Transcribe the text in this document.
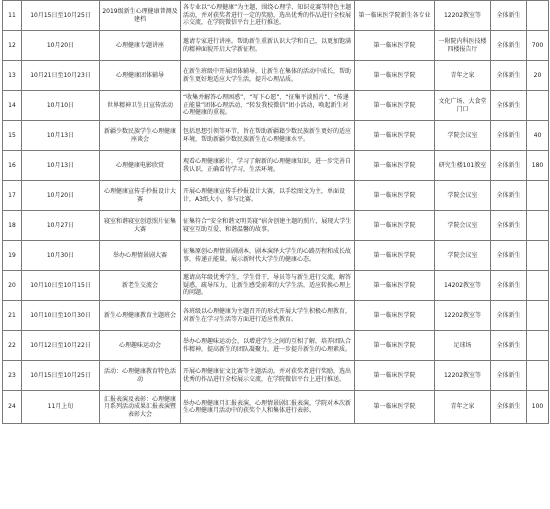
11	10月15日至10月25日	2019级新生心理健康普测及建档	各专业以“心理健康”为主题，围绕心理学、知识竞赛等特色主题活动，并对获奖者进行一定的奖励，选出优秀的作品进行全校展示交流，在学院微信平台上进行推送。	第一临床医学院新生各专业	12202教室等	全体新生	
12	10月20日	心理健康专题讲座	邀请专家进行讲座，帮助新生重新认识大学和自己，以更加饱满的精神面貌开启大学新征程。	第一临床医学院	一附院内科医技楼四楼报告厅	全体新生	700
13	10月21日至10月23日	心理健康团体辅导	在新生班级中开展团体辅导，让新生在集体的活动中成长，帮助新生更好地适应大学生活，提升心理品质。	第一临床医学院	青年之家	全体新生	20
14	10月10日	世界精神卫生日宣传活动	“收集并解答心理困惑”、“写下心愿”、“征集平淡照片”、“传递正能量”团体心理活动、“转发我校微信”团小活动，唤起新生对心理健康的重视。	第一临床医学院	文化广场、大食堂门口	全体新生	
15	10月13日	新疆少数民族学生心理健康座谈会	包括思想引领等环节，旨在帮助新疆籍少数民族新生更好的适应环境，帮助新疆少数民族新生在心理健康水平。	第一临床医学院	学院会议室	全体新生	40
16	10月13日	心理健康电影欣赏	观看心理健康影片，学习了解新的心理健康知识，进一步完善自我认识，正确看待学习，生活环境。	第一临床医学院	研究生楼101教室	全体新生	180
17	10月20日	心理健康宣传手抄报设计大赛	开展心理健康宣传手抄报设计大赛，以手绘图文为主，单面设计，A3纸大小，参与比赛。	第一临床医学院	学院会议室	全体新生	
18	10月27日	寝室和谐寝室创意照片征集大赛	征集符合“安全和谐文明美寝”宿舍创建主题的照片，展现大学生寝室互助互爱、和谐温馨的故事。	第一临床医学院	学院会议室	全体新生	
19	10月30日	举办心理情景剧大赛	征集原创心理情景剧剧本，剧本演绎大学生的心路历程和成长故事，传递正能量，展示新时代大学生的健康心态。	第一临床医学院	学院会议室	全体新生	
20	10月10日至10月15日	新老生交流会	邀请高年级优秀学生，学生骨干，导员等与新生进行交流，解答疑惑，疏导压力，让新生感受前辈的大学生活，适应转换心理上的问题。	第一临床医学院	14202教室等	全体新生	
21	10月10日至10月30日	新生心理健康教育主题班会	各班级以心理健康为主题召开的形式开展大学生积极心理教育，对新生在学习生活等方面进行适应性教育。	第一临床医学院	12202教室等	全体新生	
22	10月12日至10月22日	心理趣味运动会	举办心理趣味运动会，以增进学生之间的互相了解，培养团队合作精神，提高新生的团队凝聚力，进一步提升新生的心理素质。	第一临床医学院	足球场	全体新生	
23	10月15日至10月25日	活动：心理健康教育特色活动	开展心理健康征文比赛等主题活动，并对获奖者进行奖励，选出优秀的作品进行全校展示交流，在学院微信平台上进行推送。	第一临床医学院	12202教室等	全体新生	
24	11月上旬	汇报表演及表彰：心理健康月系列活动成果汇报表演暨表彰大会	举办心理健康月汇报表演，心理情景剧汇报表演，学院对本次新生心理健康月活动中的获奖个人和集体进行表彰。	第一临床医学院	青年之家	全体新生	100
